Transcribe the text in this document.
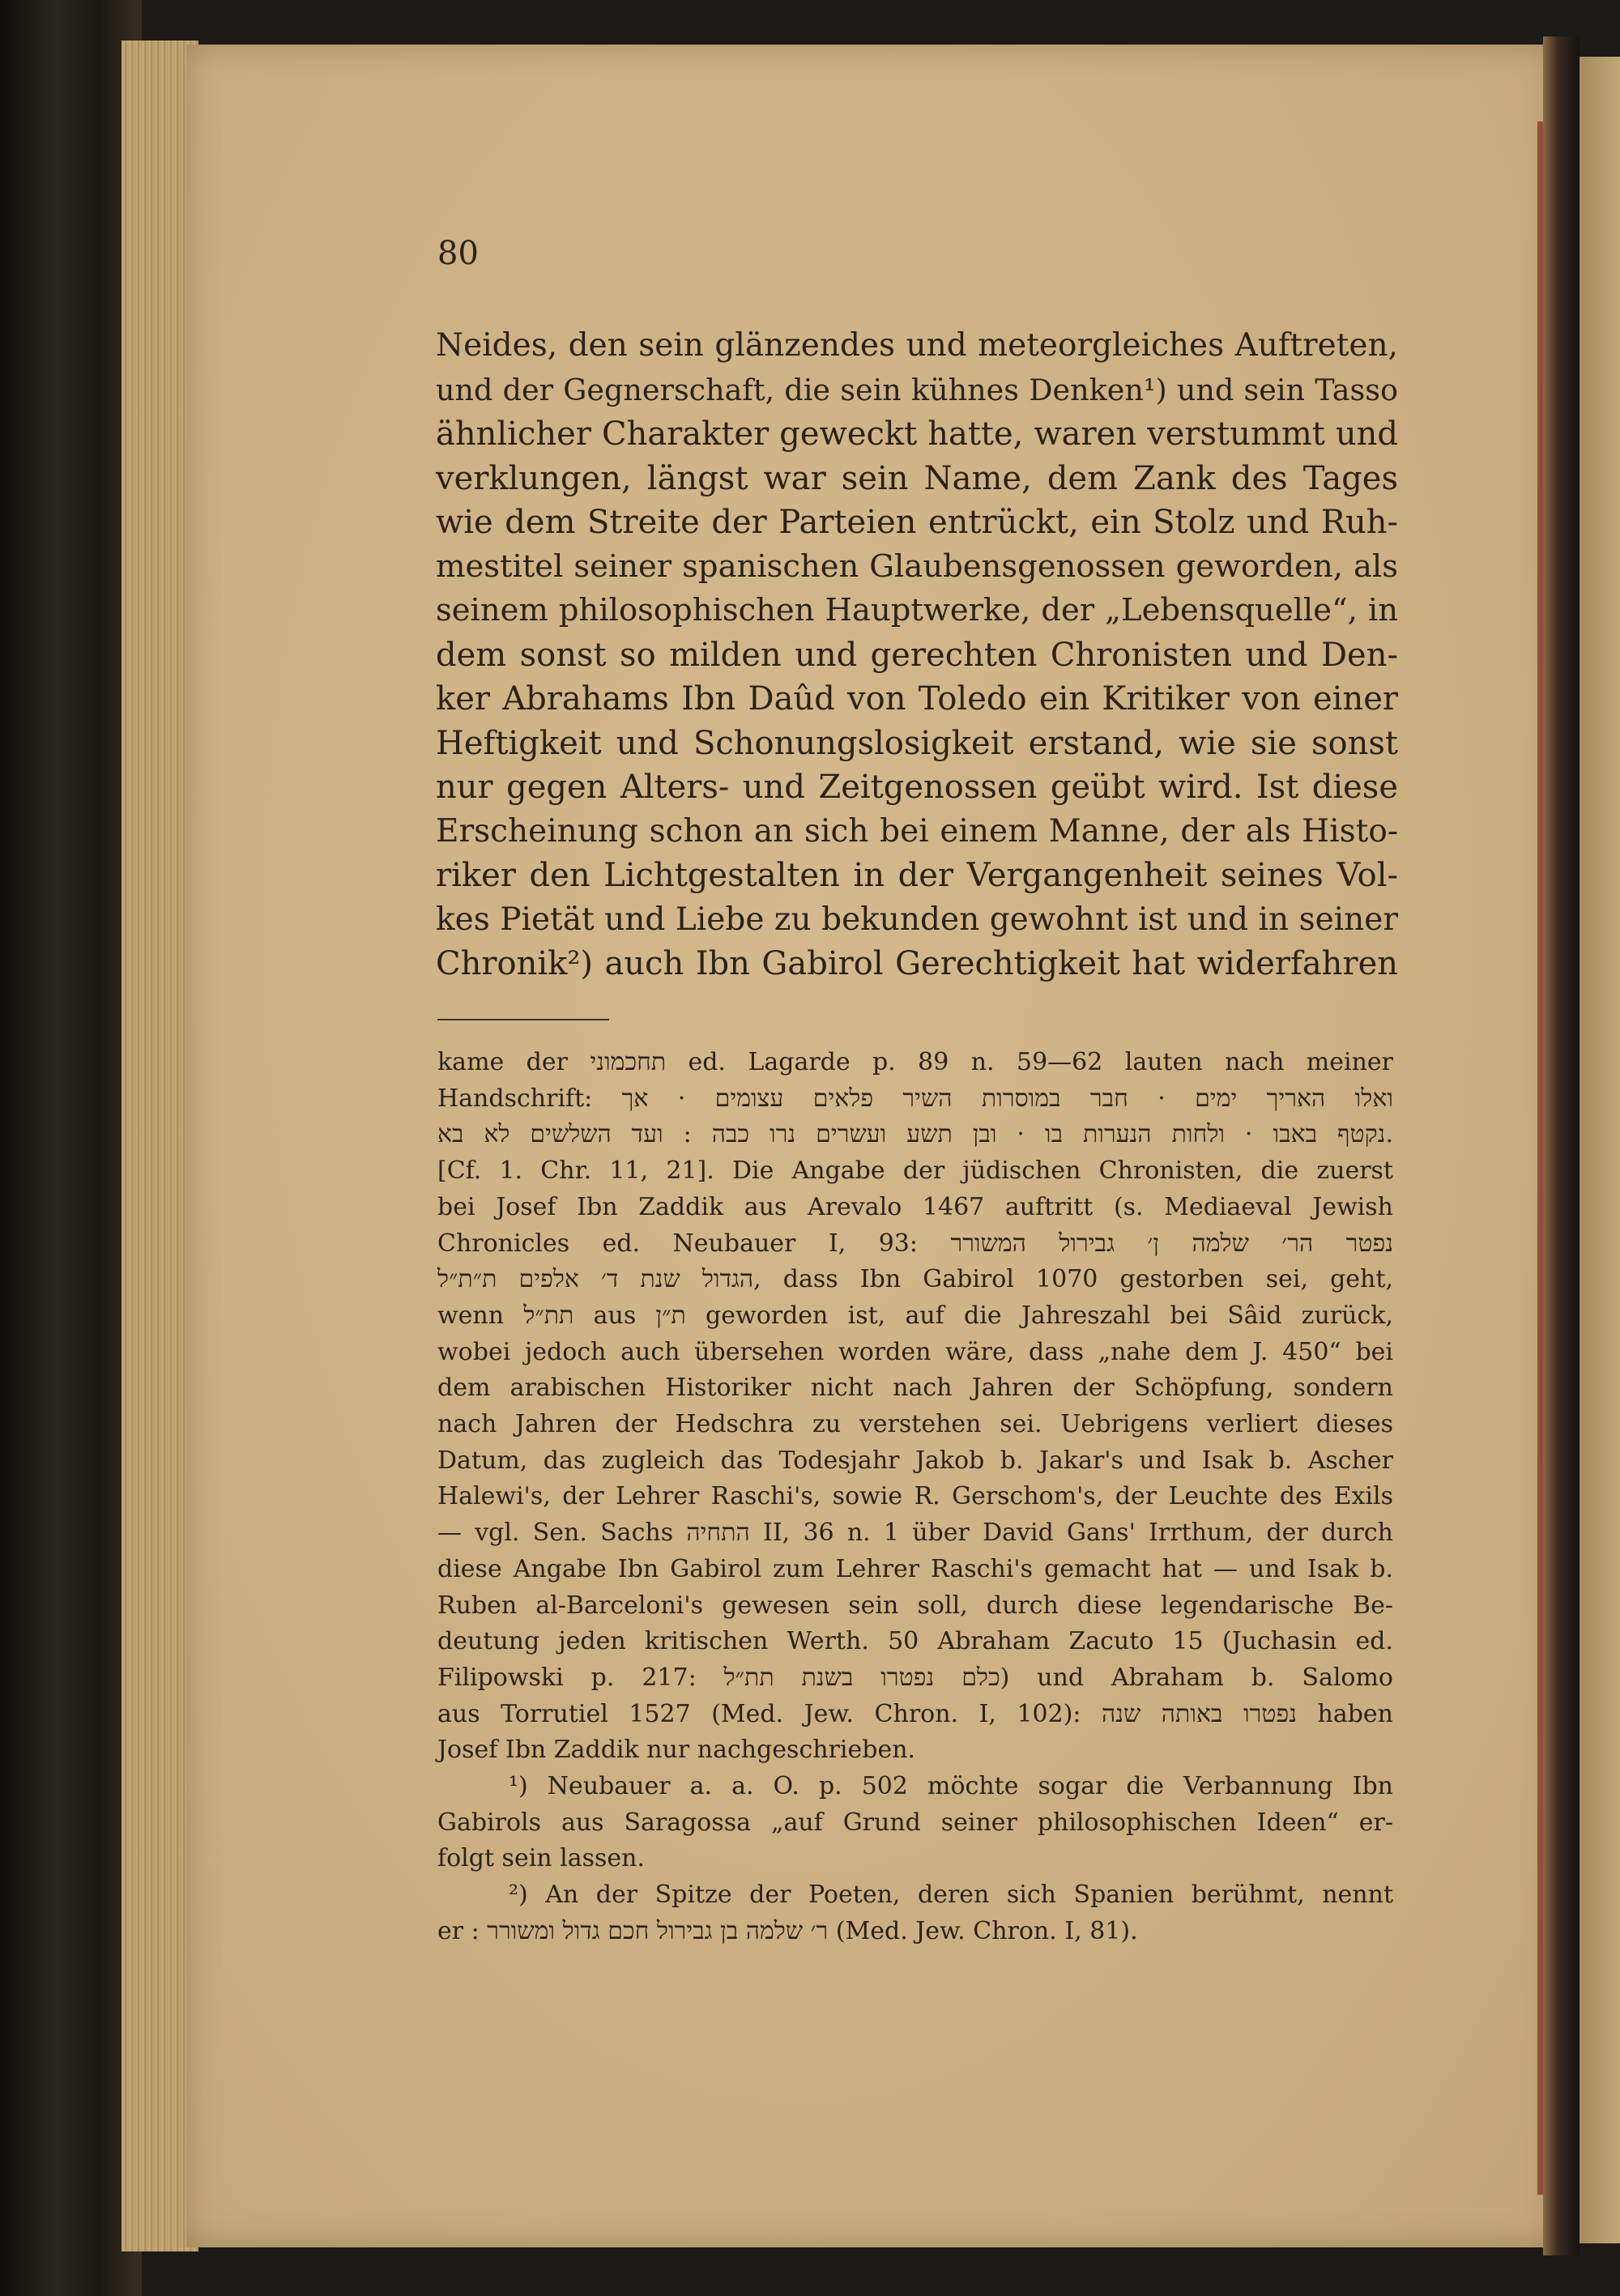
80
Neides, den sein glänzendes und meteorgleiches Auftreten,
und der Gegnerschaft, die sein kühnes Denken¹) und sein Tasso
ähnlicher Charakter geweckt hatte, waren verstummt und
verklungen, längst war sein Name, dem Zank des Tages
wie dem Streite der Parteien entrückt, ein Stolz und Ruh-
mestitel seiner spanischen Glaubensgenossen geworden, als
seinem philosophischen Hauptwerke, der „Lebensquelle“, in
dem sonst so milden und gerechten Chronisten und Den-
ker Abrahams Ibn Daûd von Toledo ein Kritiker von einer
Heftigkeit und Schonungslosigkeit erstand, wie sie sonst
nur gegen Alters- und Zeitgenossen geübt wird. Ist diese
Erscheinung schon an sich bei einem Manne, der als Histo-
riker den Lichtgestalten in der Vergangenheit seines Vol-
kes Pietät und Liebe zu bekunden gewohnt ist und in seiner
Chronik²) auch Ibn Gabirol Gerechtigkeit hat widerfahren
kame der תחכמוני ed. Lagarde p. 89 n. 59—62 lauten nach meiner
Handschrift: ואלו האריך ימים · חבר במוסרות השיר פלאים עצומים · אך
נקטף באבו · ולחות הנערות בו · ובן תשע ועשרים נרו כבה : ועד השלשים לא בא.
[Cf. 1. Chr. 11, 21]. Die Angabe der jüdischen Chronisten, die zuerst
bei Josef Ibn Zaddik aus Arevalo 1467 auftritt (s. Mediaeval Jewish
Chronicles ed. Neubauer I, 93: נפטר הר׳ שלמה ן׳ גבירול המשורר
הגדול שנת ד׳ אלפים ת״ת״ל, dass Ibn Gabirol 1070 gestorben sei, geht,
wenn תת״ל aus ת״ן geworden ist, auf die Jahreszahl bei Sâid zurück,
wobei jedoch auch übersehen worden wäre, dass „nahe dem J. 450“ bei
dem arabischen Historiker nicht nach Jahren der Schöpfung, sondern
nach Jahren der Hedschra zu verstehen sei. Uebrigens verliert dieses
Datum, das zugleich das Todesjahr Jakob b. Jakar's und Isak b. Ascher
Halewi's, der Lehrer Raschi's, sowie R. Gerschom's, der Leuchte des Exils
— vgl. Sen. Sachs התחיה II, 36 n. 1 über David Gans' Irrthum, der durch
diese Angabe Ibn Gabirol zum Lehrer Raschi's gemacht hat — und Isak b.
Ruben al-Barceloni's gewesen sein soll, durch diese legendarische Be-
deutung jeden kritischen Werth. 50 Abraham Zacuto 15 (Juchasin ed.
Filipowski p. 217: כלם נפטרו בשנת תת״ל) und Abraham b. Salomo
aus Torrutiel 1527 (Med. Jew. Chron. I, 102): נפטרו באותה שנה haben
Josef Ibn Zaddik nur nachgeschrieben.
¹) Neubauer a. a. O. p. 502 möchte sogar die Verbannung Ibn
Gabirols aus Saragossa „auf Grund seiner philosophischen Ideen“ er-
folgt sein lassen.
²) An der Spitze der Poeten, deren sich Spanien berühmt, nennt
er : ר׳ שלמה בן גבירול חכם גדול ומשורר (Med. Jew. Chron. I, 81).
